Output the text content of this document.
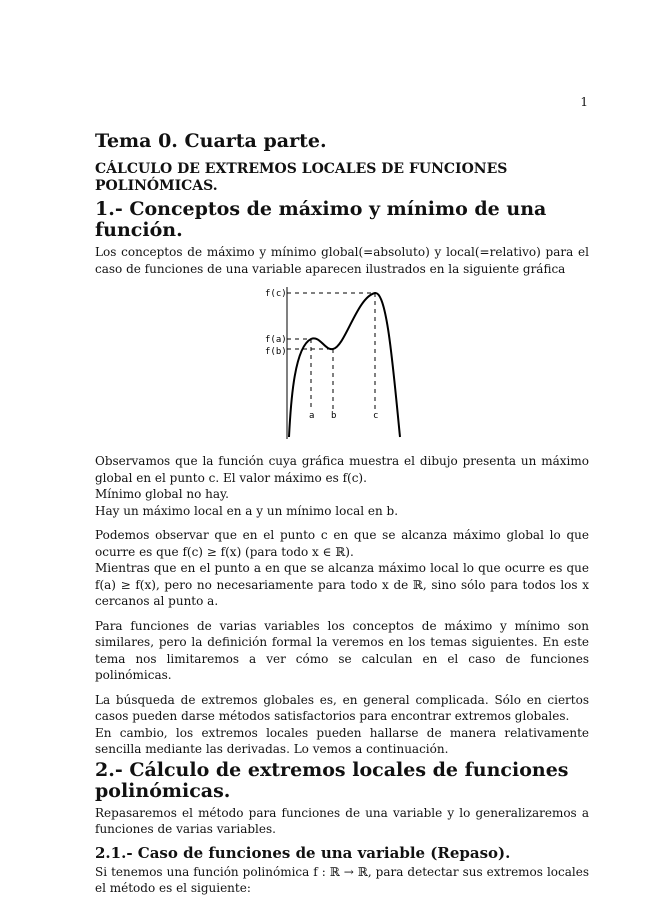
1
Tema 0. Cuarta parte.
CÁLCULO DE EXTREMOS LOCALES DE FUNCIONES POLINÓMICAS.
1.- Conceptos de máximo y mínimo de una función.

Los conceptos de máximo y mínimo global(=absoluto) y local(=relativo) para el caso de funciones de una variable aparecen ilustrados en la siguiente gráfica

f(c)
f(a)
f(b)
a b	c

Observamos que la función cuya gráfica muestra el dibujo presenta un máximo global en el punto c. El valor máximo es f(c).

Mínimo global no hay.

Hay un máximo local en a y un mínimo local en b.

Podemos observar que en el punto c en que se alcanza máximo global lo que ocurre es que f(c) ≥ f(x) (para todo x ∈ ℝ).

Mientras que en el punto a en que se alcanza máximo local lo que ocurre es que f(a) ≥ f(x), pero no necesariamente para todo x de ℝ, sino sólo para todos los x cercanos al punto a.

Para funciones de varias variables los conceptos de máximo y mínimo son similares, pero la definición formal la veremos en los temas siguientes. En este tema nos limitaremos a ver cómo se calculan en el caso de funciones polinómicas.

La búsqueda de extremos globales es, en general complicada. Sólo en ciertos casos pueden darse métodos satisfactorios para encontrar extremos globales.

En cambio, los extremos locales pueden hallarse de manera relativamente sencilla mediante las derivadas. Lo vemos a continuación.

2.- Cálculo de extremos locales de funciones polinómicas.

Repasaremos el método para funciones de una variable y lo generalizaremos a funciones de varias variables.

2.1.- Caso de funciones de una variable (Repaso).

Si tenemos una función polinómica f : ℝ → ℝ, para detectar sus extremos locales el método es el siguiente:
